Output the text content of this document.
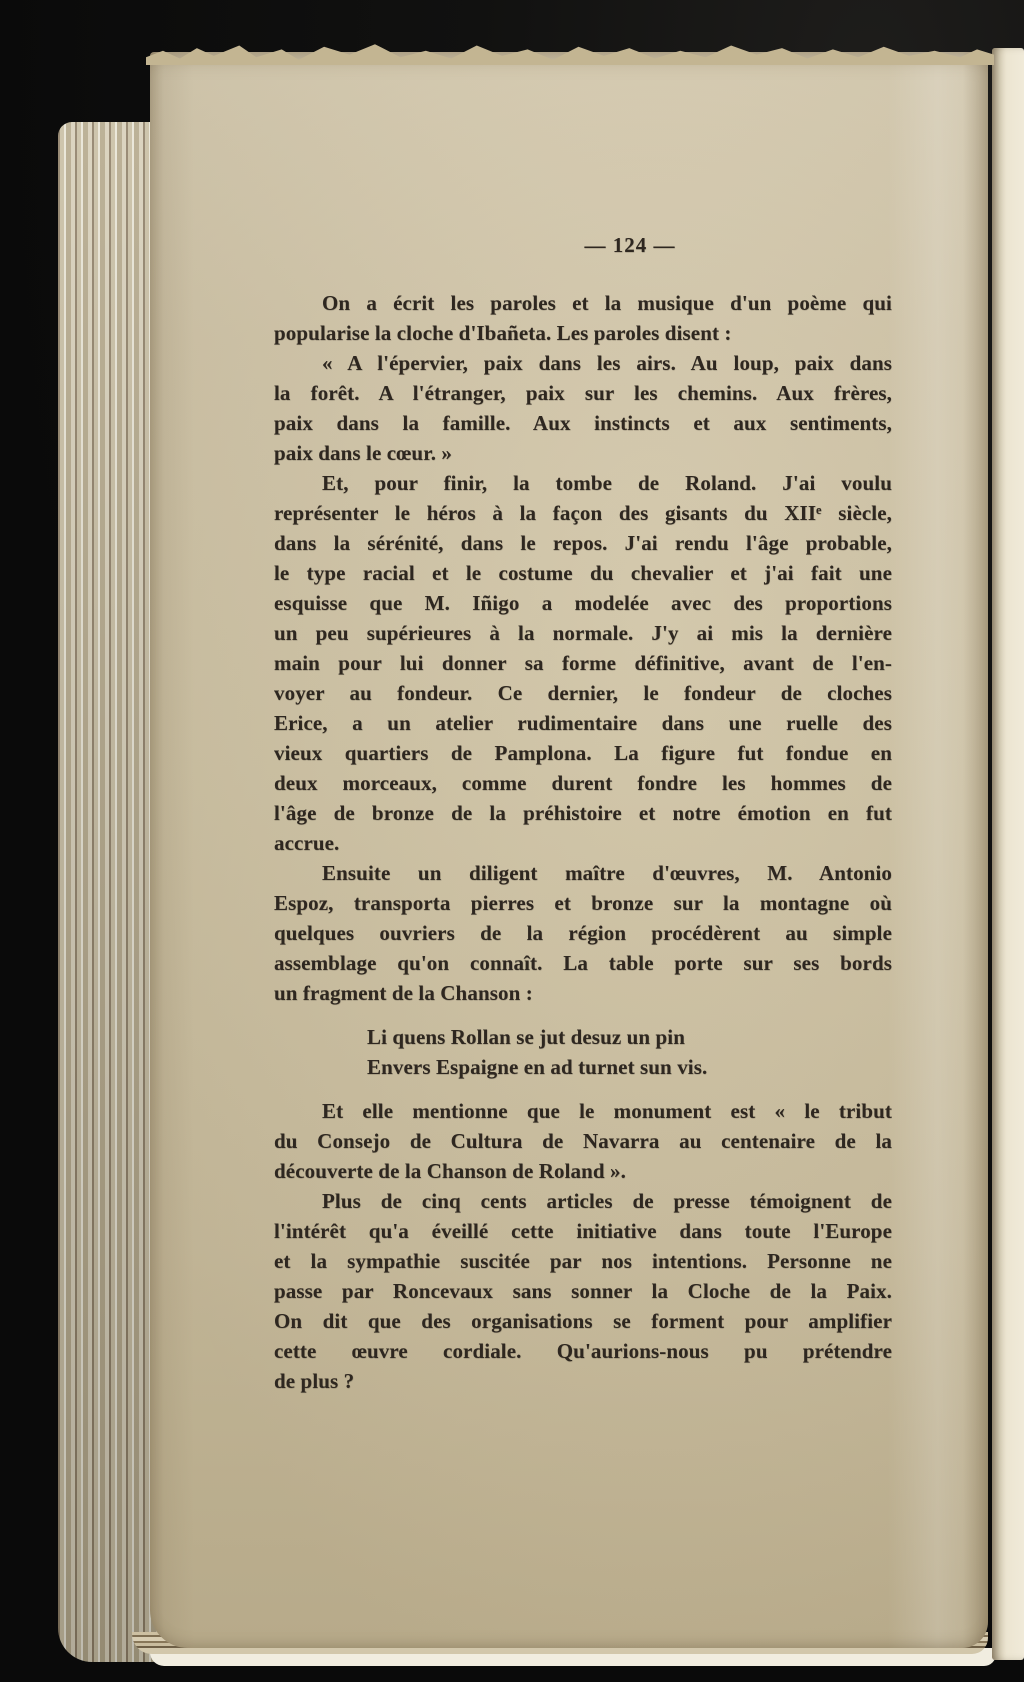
— 124 —
On a écrit les paroles et la musique d'un poème qui
popularise la cloche d'Ibañeta. Les paroles disent :
« A l'épervier, paix dans les airs. Au loup, paix dans
la forêt. A l'étranger, paix sur les chemins. Aux frères,
paix dans la famille. Aux instincts et aux sentiments,
paix dans le cœur. »
Et, pour finir, la tombe de Roland. J'ai voulu
représenter le héros à la façon des gisants du XIIᵉ siècle,
dans la sérénité, dans le repos. J'ai rendu l'âge probable,
le type racial et le costume du chevalier et j'ai fait une
esquisse que M. Iñigo a modelée avec des proportions
un peu supérieures à la normale. J'y ai mis la dernière
main pour lui donner sa forme définitive, avant de l'en-
voyer au fondeur. Ce dernier, le fondeur de cloches
Erice, a un atelier rudimentaire dans une ruelle des
vieux quartiers de Pamplona. La figure fut fondue en
deux morceaux, comme durent fondre les hommes de
l'âge de bronze de la préhistoire et notre émotion en fut
accrue.
Ensuite un diligent maître d'œuvres, M. Antonio
Espoz, transporta pierres et bronze sur la montagne où
quelques ouvriers de la région procédèrent au simple
assemblage qu'on connaît. La table porte sur ses bords
un fragment de la Chanson :
Li quens Rollan se jut desuz un pin
Envers Espaigne en ad turnet sun vis.
Et elle mentionne que le monument est « le tribut
du Consejo de Cultura de Navarra au centenaire de la
découverte de la Chanson de Roland ».
Plus de cinq cents articles de presse témoignent de
l'intérêt qu'a éveillé cette initiative dans toute l'Europe
et la sympathie suscitée par nos intentions. Personne ne
passe par Roncevaux sans sonner la Cloche de la Paix.
On dit que des organisations se forment pour amplifier
cette œuvre cordiale. Qu'aurions-nous pu prétendre
de plus ?
